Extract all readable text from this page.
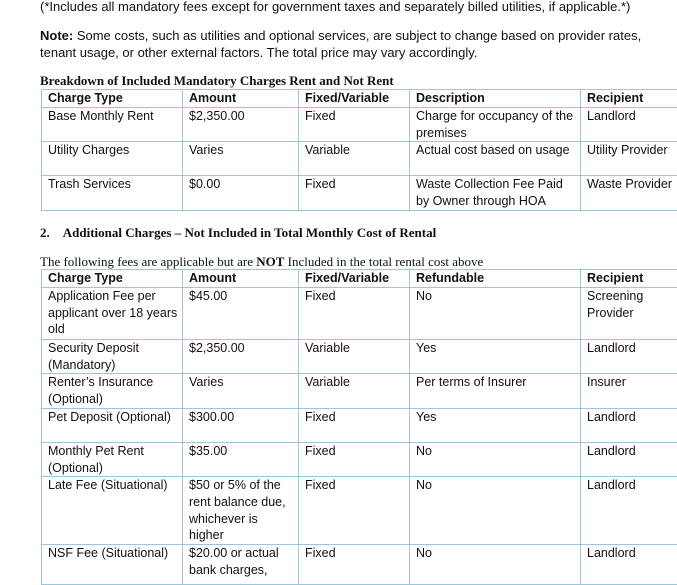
(*Includes all mandatory fees except for government taxes and separately billed utilities, if applicable.*)
Note: Some costs, such as utilities and optional services, are subject to change based on provider rates,
tenant usage, or other external factors. The total price may vary accordingly.
Breakdown of Included Mandatory Charges Rent and Not Rent
Charge Type	Amount	Fixed/Variable	Description	Recipient
Base Monthly Rent	$2,350.00	Fixed	Charge for occupancy of the premises	Landlord
Utility Charges	Varies	Variable	Actual cost based on usage	Utility Provider
Trash Services	$0.00	Fixed	Waste Collection Fee Paid by Owner through HOA	Waste Provider
2. Additional Charges – Not Included in Total Monthly Cost of Rental
The following fees are applicable but are NOT Included in the total rental cost above
Charge Type	Amount	Fixed/Variable	Refundable	Recipient
Application Fee per applicant over 18 years old	$45.00	Fixed	No	Screening Provider
Security Deposit (Mandatory)	$2,350.00	Variable	Yes	Landlord
Renter’s Insurance (Optional)	Varies	Variable	Per terms of Insurer	Insurer
Pet Deposit (Optional)	$300.00	Fixed	Yes	Landlord
Monthly Pet Rent (Optional)	$35.00	Fixed	No	Landlord
Late Fee (Situational)	$50 or 5% of the rent balance due, whichever is higher	Fixed	No	Landlord
NSF Fee (Situational)	$20.00 or actual bank charges,	Fixed	No	Landlord
